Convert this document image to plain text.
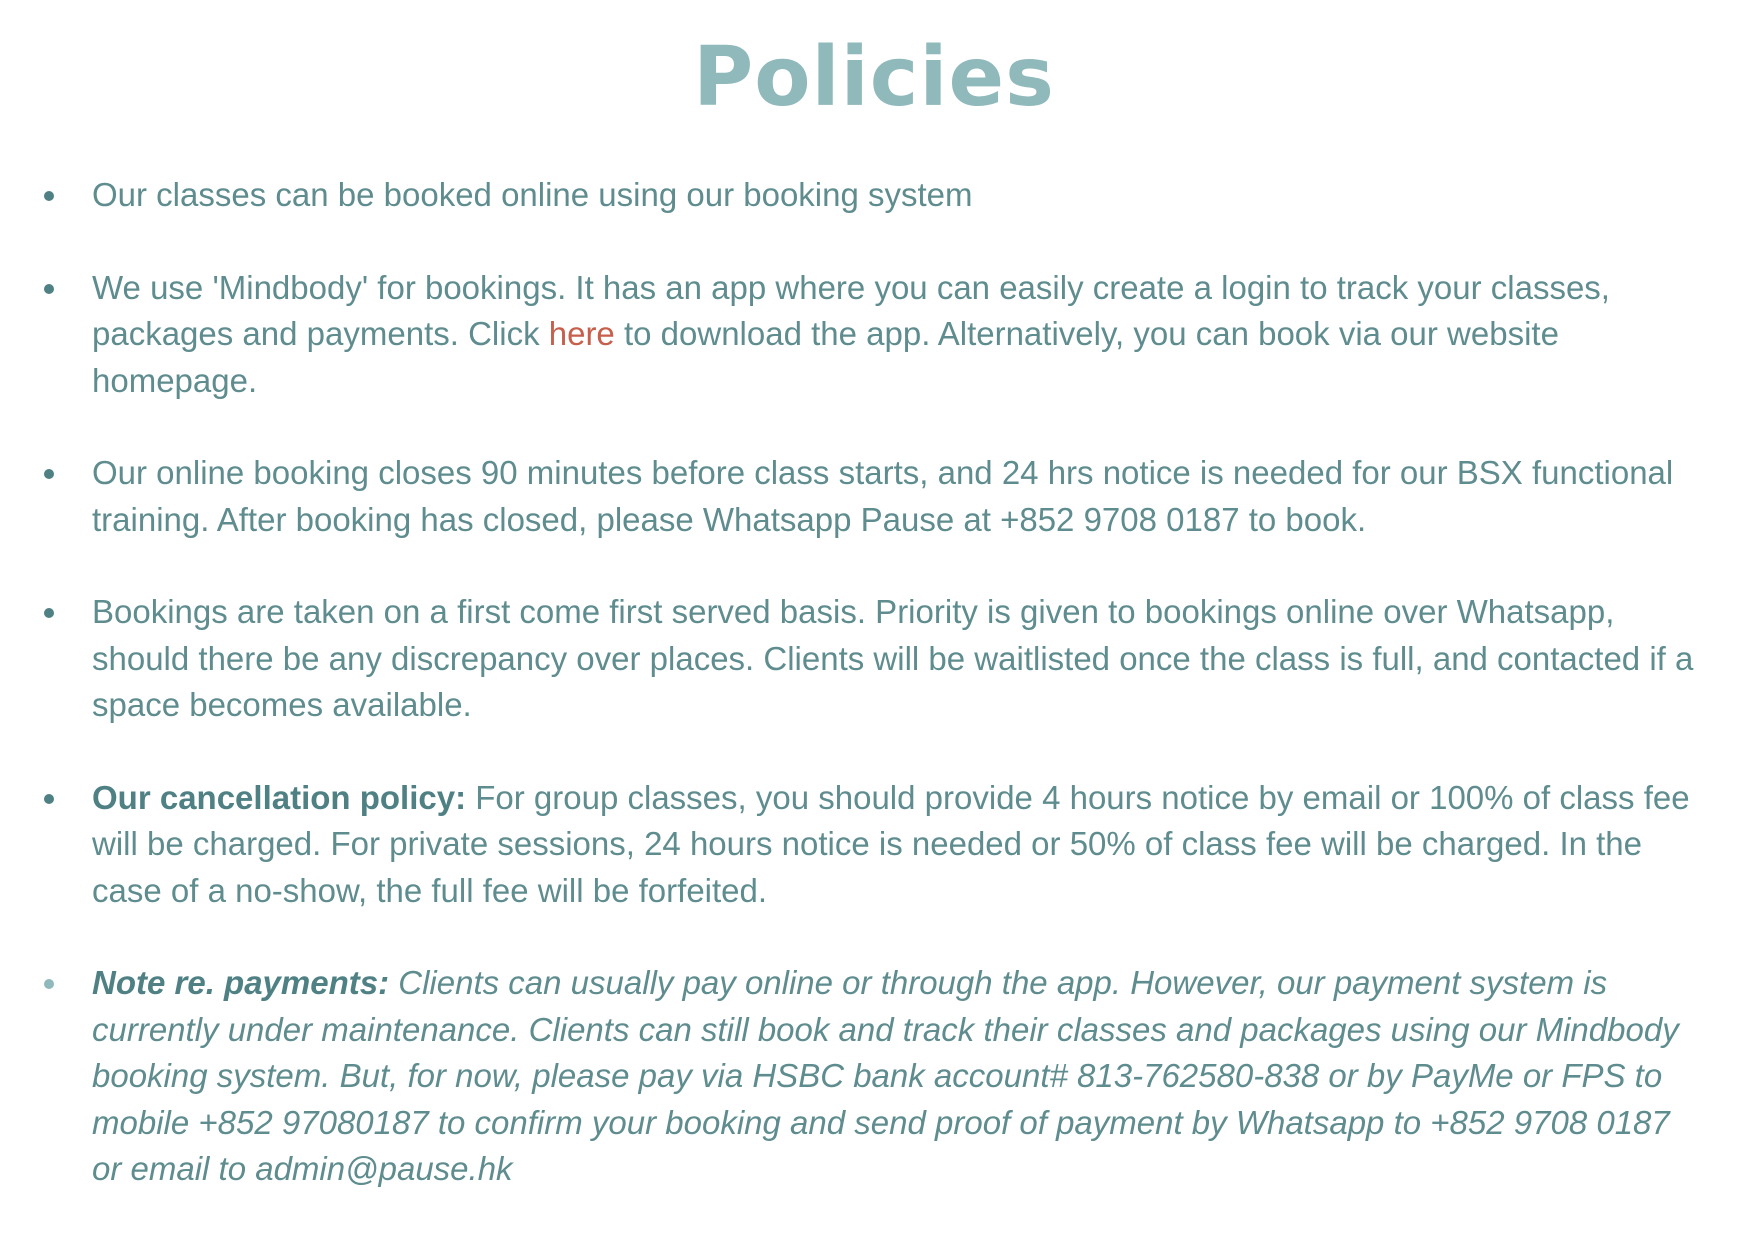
Policies
Our classes can be booked online using our booking system
We use 'Mindbody' for bookings. It has an app where you can easily create a login to track your classes, packages and payments. Click here to download the app. Alternatively, you can book via our website homepage.
Our online booking closes 90 minutes before class starts, and 24 hrs notice is needed for our BSX functional training. After booking has closed, please Whatsapp Pause at +852 9708 0187 to book.
Bookings are taken on a first come first served basis. Priority is given to bookings online over Whatsapp, should there be any discrepancy over places. Clients will be waitlisted once the class is full, and contacted if a space becomes available.
Our cancellation policy: For group classes, you should provide 4 hours notice by email or 100% of class fee will be charged. For private sessions, 24 hours notice is needed or 50% of class fee will be charged. In the case of a no-show, the full fee will be forfeited.
Note re. payments: Clients can usually pay online or through the app. However, our payment system is currently under maintenance. Clients can still book and track their classes and packages using our Mindbody booking system. But, for now, please pay via HSBC bank account# 813-762580-838 or by PayMe or FPS to mobile +852 97080187 to confirm your booking and send proof of payment by Whatsapp to +852 9708 0187 or email to admin@pause.hk
